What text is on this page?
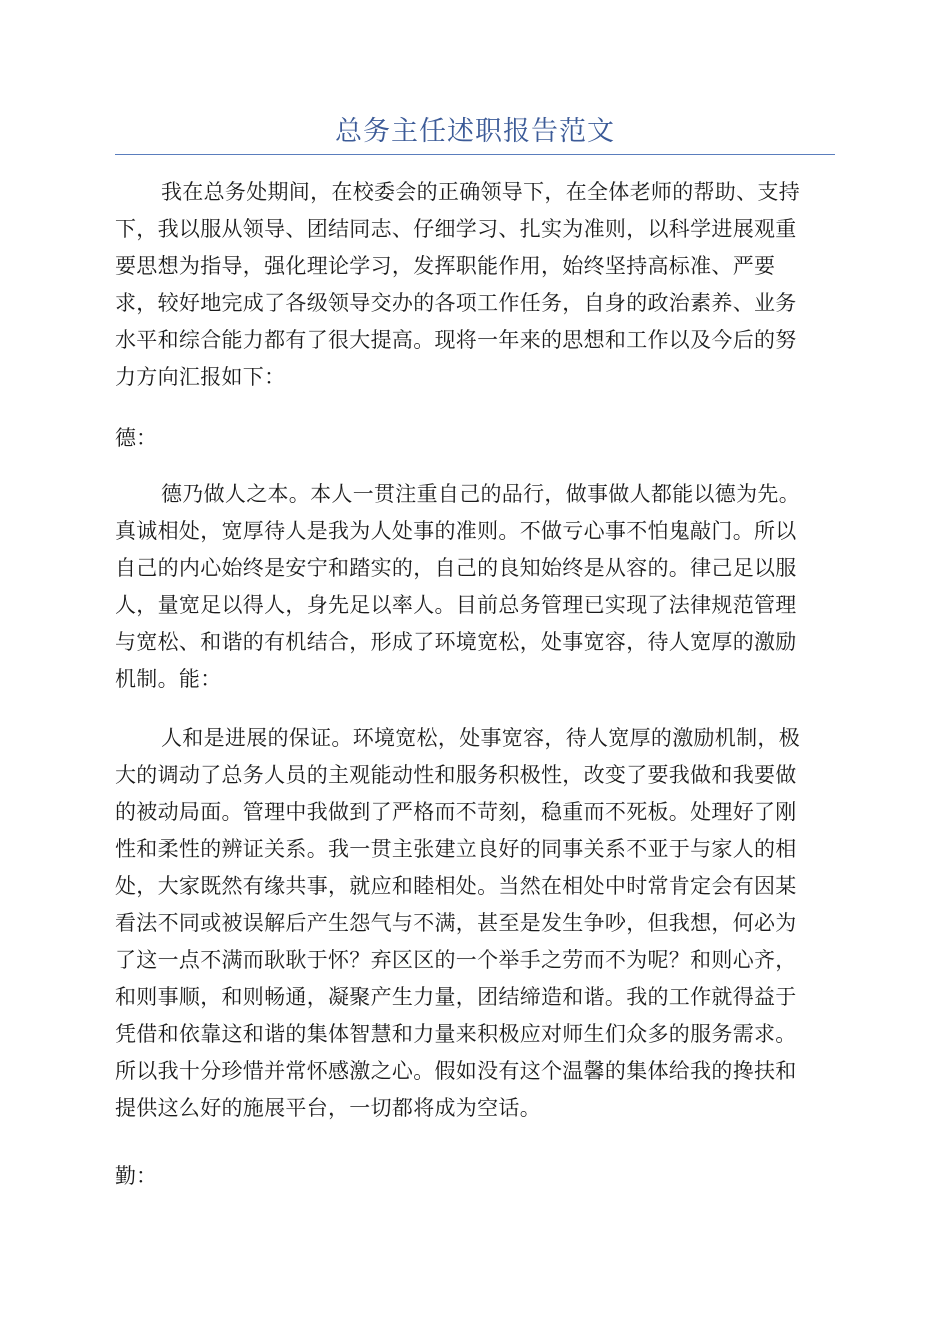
总务主任述职报告范文
我在总务处期间，在校委会的正确领导下，在全体老师的帮助、支持
下，我以服从领导、团结同志、仔细学习、扎实为准则，以科学进展观重
要思想为指导，强化理论学习，发挥职能作用，始终坚持高标准、严要
求，较好地完成了各级领导交办的各项工作任务，自身的政治素养、业务
水平和综合能力都有了很大提高。现将一年来的思想和工作以及今后的努
力方向汇报如下：
德：
德乃做人之本。本人一贯注重自己的品行，做事做人都能以德为先。
真诚相处，宽厚待人是我为人处事的准则。不做亏心事不怕鬼敲门。所以
自己的内心始终是安宁和踏实的，自己的良知始终是从容的。律己足以服
人，量宽足以得人，身先足以率人。目前总务管理已实现了法律规范管理
与宽松、和谐的有机结合，形成了环境宽松，处事宽容，待人宽厚的激励
机制。能：
人和是进展的保证。环境宽松，处事宽容，待人宽厚的激励机制，极
大的调动了总务人员的主观能动性和服务积极性，改变了要我做和我要做
的被动局面。管理中我做到了严格而不苛刻，稳重而不死板。处理好了刚
性和柔性的辨证关系。我一贯主张建立良好的同事关系不亚于与家人的相
处，大家既然有缘共事，就应和睦相处。当然在相处中时常肯定会有因某
看法不同或被误解后产生怨气与不满，甚至是发生争吵，但我想，何必为
了这一点不满而耿耿于怀？弃区区的一个举手之劳而不为呢？和则心齐，
和则事顺，和则畅通，凝聚产生力量，团结缔造和谐。我的工作就得益于
凭借和依靠这和谐的集体智慧和力量来积极应对师生们众多的服务需求。
所以我十分珍惜并常怀感激之心。假如没有这个温馨的集体给我的搀扶和
提供这么好的施展平台，一切都将成为空话。
勤：
